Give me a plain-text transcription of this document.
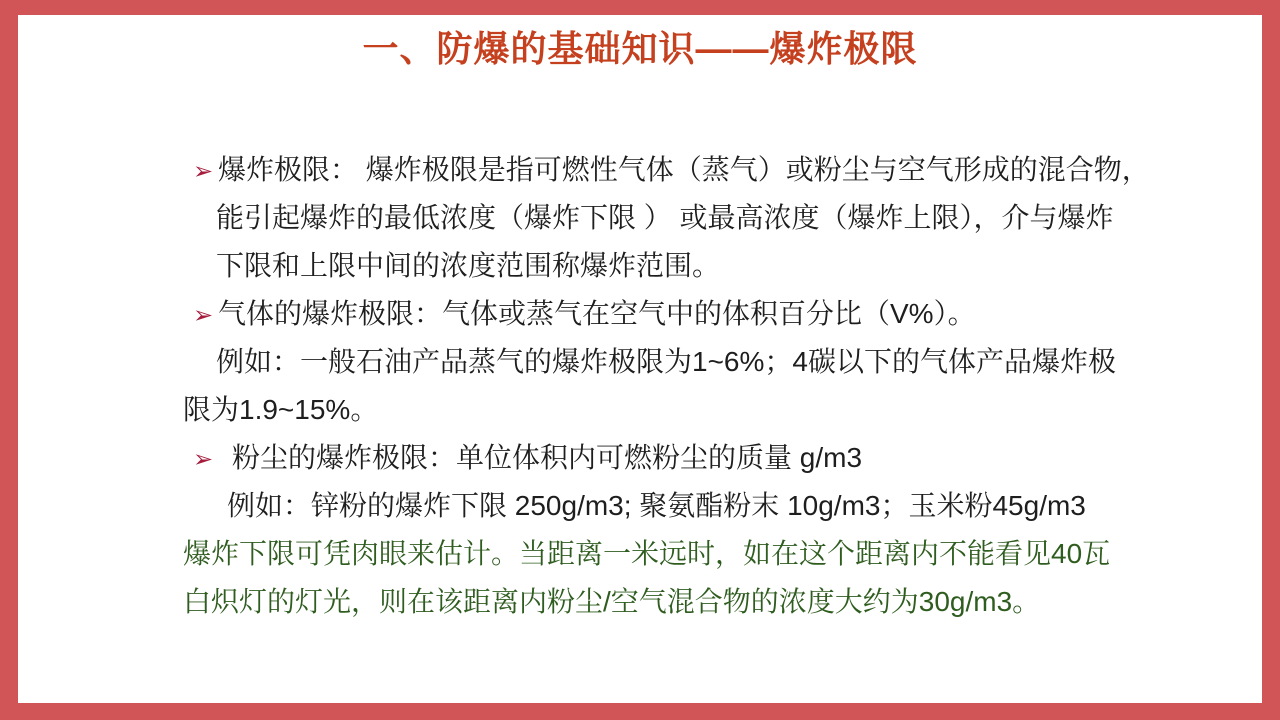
一、防爆的基础知识——爆炸极限
➢ 爆炸极限： 爆炸极限是指可燃性气体（蒸气）或粉尘与空气形成的混合物，
能引起爆炸的最低浓度（爆炸下限 ） 或最高浓度（爆炸上限），介与爆炸
下限和上限中间的浓度范围称爆炸范围。
➢ 气体的爆炸极限：气体或蒸气在空气中的体积百分比（V%）。
例如：一般石油产品蒸气的爆炸极限为1~6%；4碳以下的气体产品爆炸极
限为1.9~15%。
➢ 粉尘的爆炸极限：单位体积内可燃粉尘的质量 g/m3
例如：锌粉的爆炸下限 250g/m3; 聚氨酯粉末 10g/m3；玉米粉45g/m3
爆炸下限可凭肉眼来估计。当距离一米远时，如在这个距离内不能看见40瓦
白炽灯的灯光，则在该距离内粉尘/空气混合物的浓度大约为30g/m3。
